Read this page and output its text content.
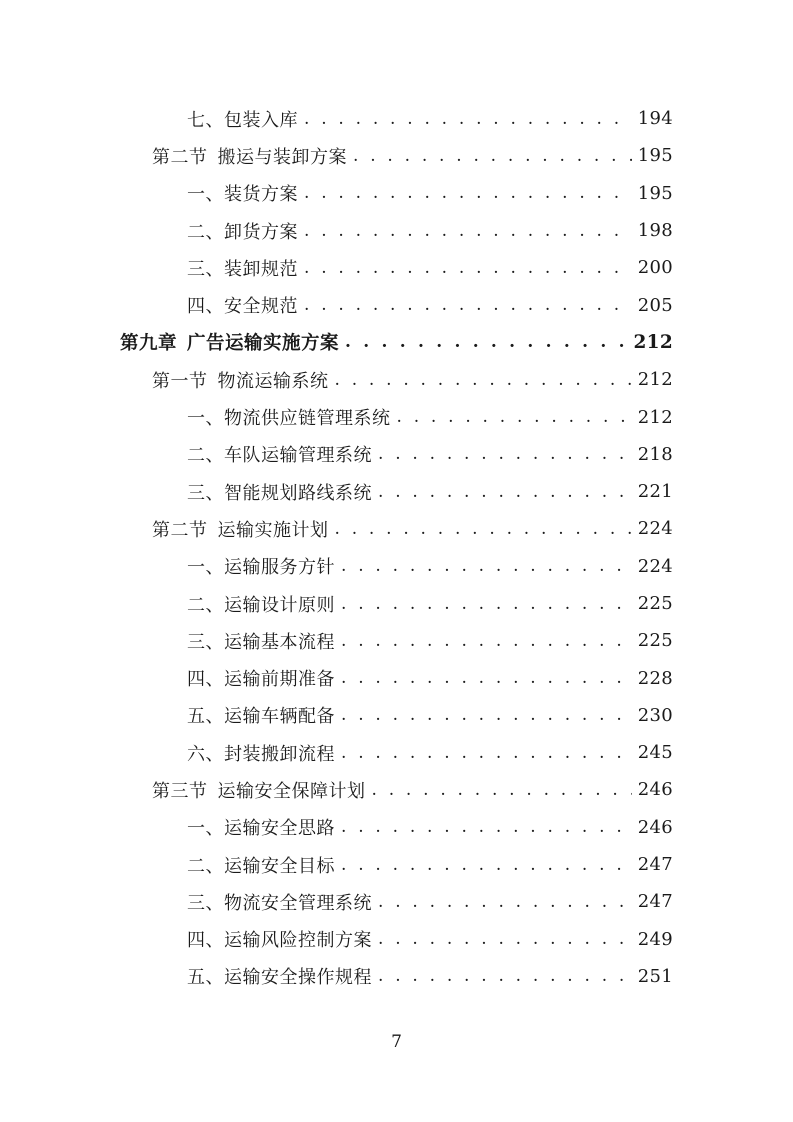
七、包装入库 . . .	194
第二节 搬运与装卸方案 . . .	195
一、装货方案 . . .	195
二、卸货方案 . . .	198
三、装卸规范 . . .	200
四、安全规范 . . .	205
第九章 广告运输实施方案 . . .	212
第一节 物流运输系统 . . .	212
一、物流供应链管理系统 . . .	212
二、车队运输管理系统 . . .	218
三、智能规划路线系统 . . .	221
第二节 运输实施计划 . . .	224
一、运输服务方针 . . .	224
二、运输设计原则 . . .	225
三、运输基本流程 . . .	225
四、运输前期准备 . . .	228
五、运输车辆配备 . . .	230
六、封装搬卸流程 . . .	245
第三节 运输安全保障计划 . . .	246
一、运输安全思路 . . .	246
二、运输安全目标 . . .	247
三、物流安全管理系统 . . .	247
四、运输风险控制方案 . . .	249
五、运输安全操作规程 . . .	251
7
